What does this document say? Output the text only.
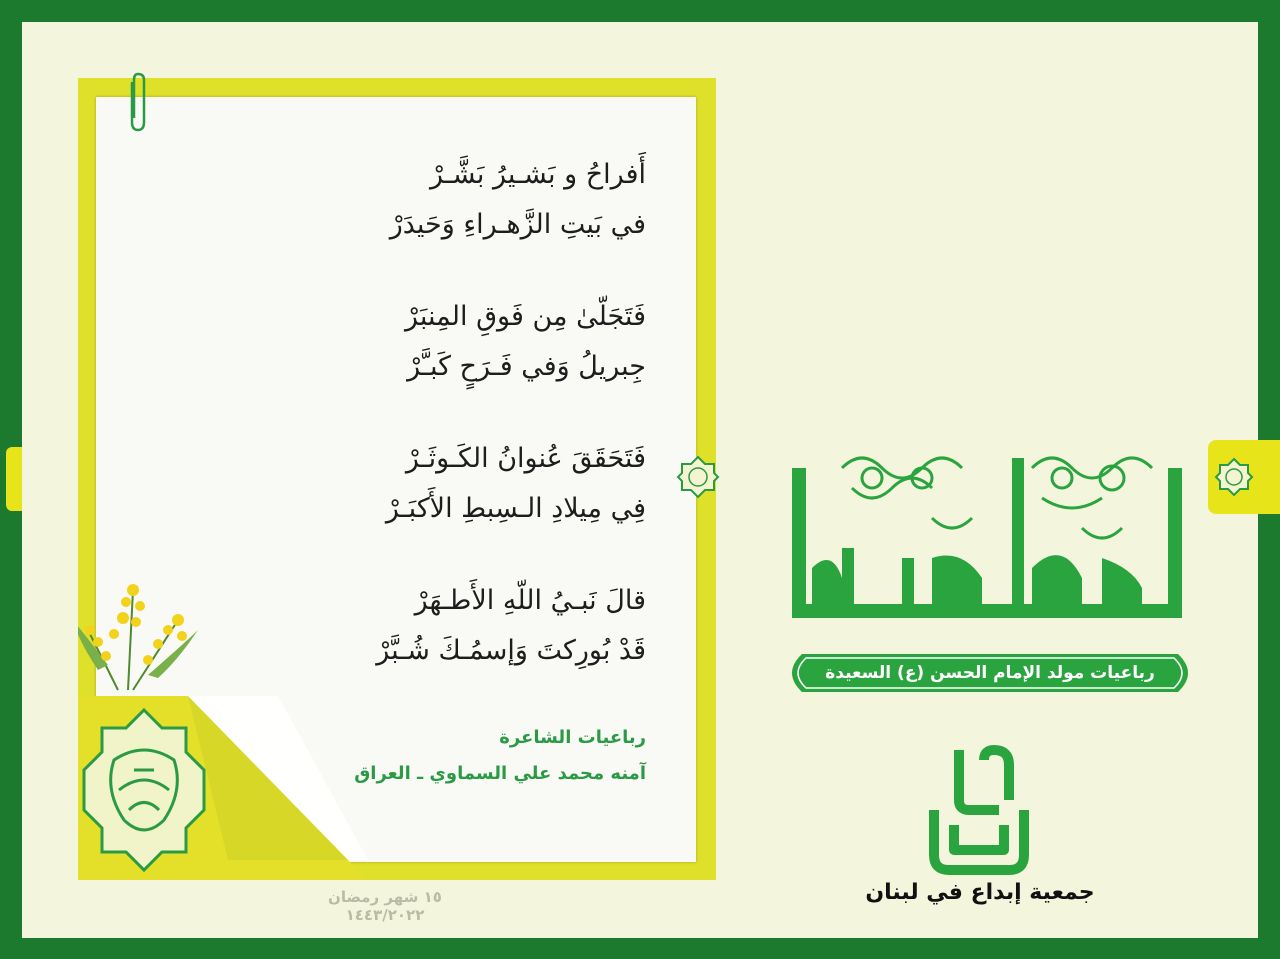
أَفراحُ و بَشـيرُ بَشَّـرْ
في بَيتِ الزَّهـراءِ وَحَيدَرْ
فَتَجَلّىٰ مِن فَوقِ المِنبَرْ
جِبريلُ وَفي فَـرَحٍ كَبـَّرْ
فَتَحَقَقَ عُنوانُ الكَـوثَـرْ
فِي مِيلادِ الـسِبطِ الأَكبَـرْ
قالَ نَبـيُ اللّهِ الأَطـهَرْ
قَدْ بُورِكتَ وَإسمُـكَ شُـبَّرْ
رباعيات الشاعرة
آمنه محمد علي السماوي ـ العراق
١٥ شهر رمضان ١٤٤٣/٢٠٢٢
رباعيات مولد الإمام الحسن (ع) السعيدة
جمعية إبداع في لبنان
